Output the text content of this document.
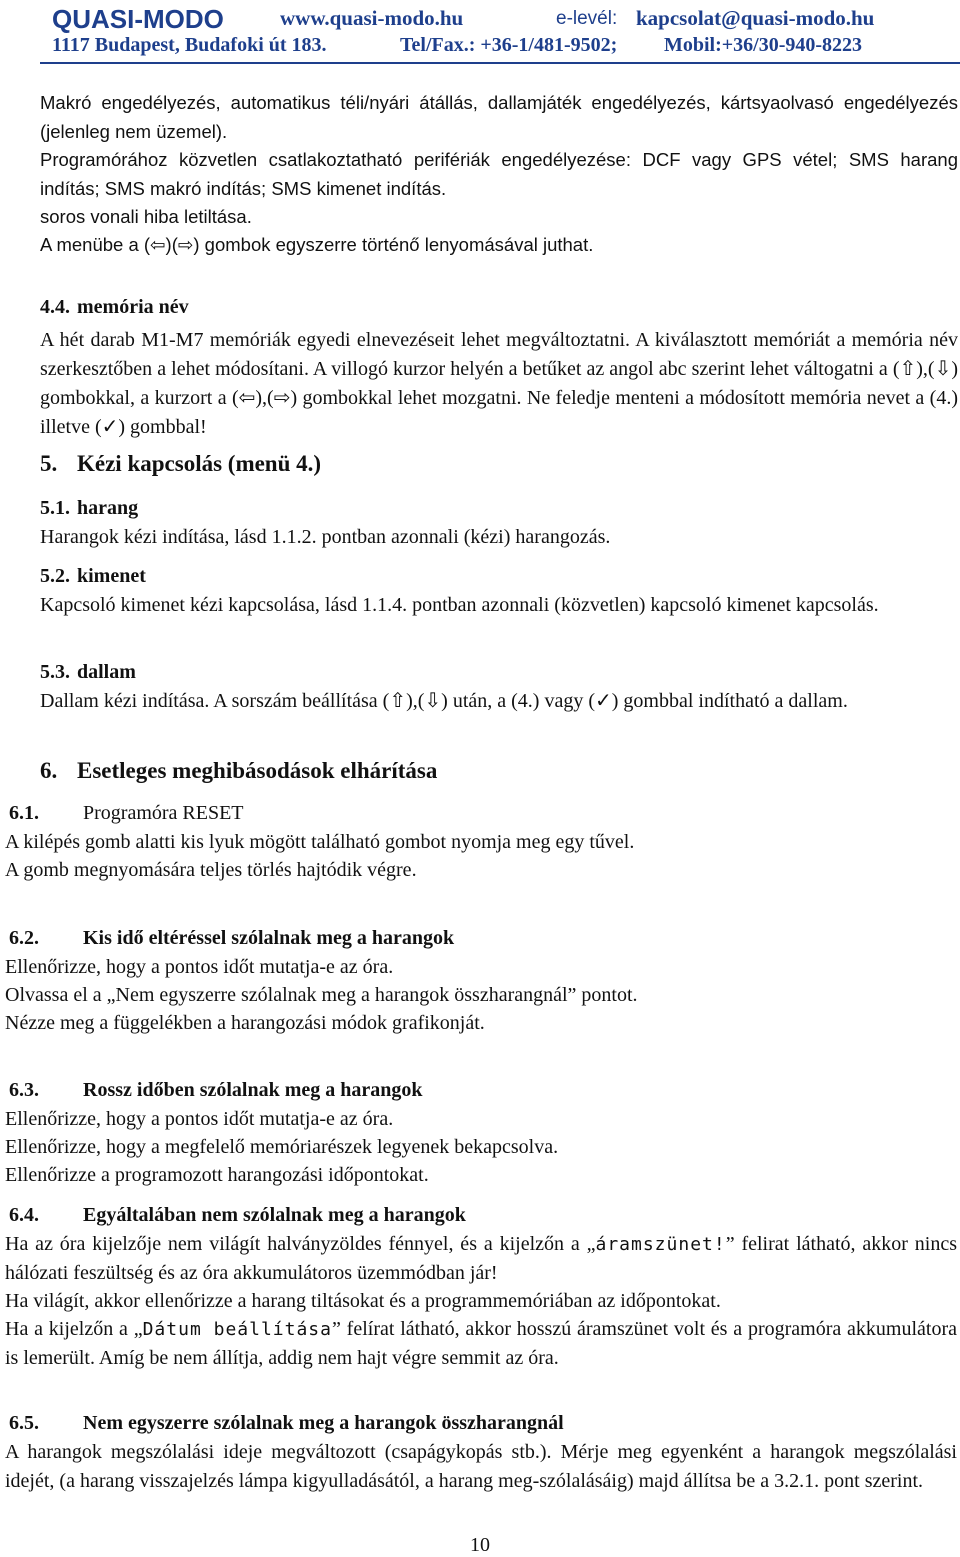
QUASI-MODO	www.quasi-modo.hu	e-levél: kapcsolat@quasi-modo.hu
1117 Budapest, Budafoki út 183.	Tel/Fax.: +36-1/481-9502; Mobil:+36/30-940-8223
Makró engedélyezés, automatikus téli/nyári átállás, dallamjáték engedélyezés, kártsyaolvasó engedélyezés (jelenleg nem üzemel).
Programórához közvetlen csatlakoztatható perifériák engedélyezése: DCF vagy GPS vétel; SMS harang indítás; SMS makró indítás; SMS kimenet indítás.
soros vonali hiba letiltása.
A menübe a (⇦)(⇨) gombok egyszerre történő lenyomásával juthat.
4.4. memória név
A hét darab M1-M7 memóriák egyedi elnevezéseit lehet megváltoztatni. A kiválasztott memóriát a memória név szerkesztőben a lehet módosítani. A villogó kurzor helyén a betűket az angol abc szerint lehet váltogatni a (⇧),(⇩) gombokkal, a kurzort a (⇦),(⇨) gombokkal lehet mozgatni. Ne feledje menteni a módosított memória nevet a (4.) illetve (✓) gombbal!
5. Kézi kapcsolás (menü 4.)
5.1. harang
Harangok kézi indítása, lásd 1.1.2. pontban azonnali (kézi) harangozás.
5.2. kimenet
Kapcsoló kimenet kézi kapcsolása, lásd 1.1.4. pontban azonnali (közvetlen) kapcsoló kimenet kapcsolás.
5.3. dallam
Dallam kézi indítása. A sorszám beállítása (⇧),(⇩) után, a (4.) vagy (✓) gombbal indítható a dallam.
6. Esetleges meghibásodások elhárítása
6.1. Programóra RESET
A kilépés gomb alatti kis lyuk mögött található gombot nyomja meg egy tűvel.
A gomb megnyomására teljes törlés hajtódik végre.
6.2. Kis idő eltéréssel szólalnak meg a harangok
Ellenőrizze, hogy a pontos időt mutatja-e az óra.
Olvassa el a „Nem egyszerre szólalnak meg a harangok összharangnál” pontot.
Nézze meg a függelékben a harangozási módok grafikonját.
6.3. Rossz időben szólalnak meg a harangok
Ellenőrizze, hogy a pontos időt mutatja-e az óra.
Ellenőrizze, hogy a megfelelő memóriarészek legyenek bekapcsolva.
Ellenőrizze a programozott harangozási időpontokat.
6.4. Egyáltalában nem szólalnak meg a harangok
Ha az óra kijelzője nem világít halványzöldes fénnyel, és a kijelzőn a „áramszünet!” felirat látható, akkor nincs hálózati feszültség és az óra akkumulátoros üzemmódban jár!
Ha világít, akkor ellenőrizze a harang tiltásokat és a programmemóriában az időpontokat.
Ha a kijelzőn a „Dátum beállítása” felírat látható, akkor hosszú áramszünet volt és a programóra akkumulátora is lemerült. Amíg be nem állítja, addig nem hajt végre semmit az óra.
6.5. Nem egyszerre szólalnak meg a harangok összharangnál
A harangok megszólalási ideje megváltozott (csapágykopás stb.). Mérje meg egyenként a harangok megszólalási idejét, (a harang visszajelzés lámpa kigyulladásától, a harang meg-szólalásáig) majd állítsa be a 3.2.1. pont szerint.
10
